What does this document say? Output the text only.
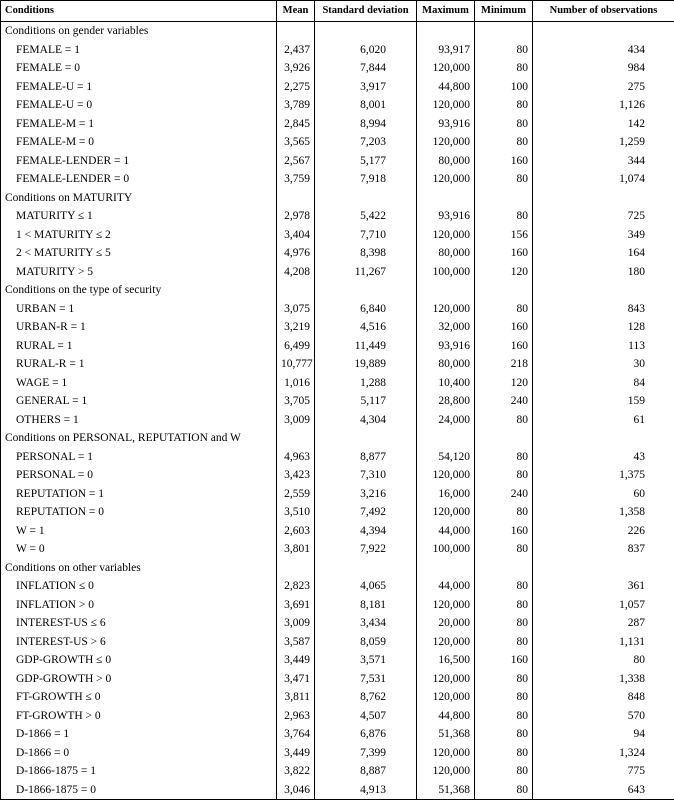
Conditions	Mean	Standard deviation	Maximum	Minimum	Number of observations
Conditions on gender variables					
FEMALE = 1	2,437	6,020	93,917	80	434
FEMALE = 0	3,926	7,844	120,000	80	984
FEMALE-U = 1	2,275	3,917	44,800	100	275
FEMALE-U = 0	3,789	8,001	120,000	80	1,126
FEMALE-M = 1	2,845	8,994	93,916	80	142
FEMALE-M = 0	3,565	7,203	120,000	80	1,259
FEMALE-LENDER = 1	2,567	5,177	80,000	160	344
FEMALE-LENDER = 0	3,759	7,918	120,000	80	1,074
Conditions on MATURITY					
MATURITY ≤ 1	2,978	5,422	93,916	80	725
1 < MATURITY ≤ 2	3,404	7,710	120,000	156	349
2 < MATURITY ≤ 5	4,976	8,398	80,000	160	164
MATURITY > 5	4,208	11,267	100,000	120	180
Conditions on the type of security					
URBAN = 1	3,075	6,840	120,000	80	843
URBAN-R = 1	3,219	4,516	32,000	160	128
RURAL = 1	6,499	11,449	93,916	160	113
RURAL-R = 1	10,777	19,889	80,000	218	30
WAGE = 1	1,016	1,288	10,400	120	84
GENERAL = 1	3,705	5,117	28,800	240	159
OTHERS = 1	3,009	4,304	24,000	80	61
Conditions on PERSONAL, REPUTATION and W					
PERSONAL = 1	4,963	8,877	54,120	80	43
PERSONAL = 0	3,423	7,310	120,000	80	1,375
REPUTATION = 1	2,559	3,216	16,000	240	60
REPUTATION = 0	3,510	7,492	120,000	80	1,358
W = 1	2,603	4,394	44,000	160	226
W = 0	3,801	7,922	100,000	80	837
Conditions on other variables					
INFLATION ≤ 0	2,823	4,065	44,000	80	361
INFLATION > 0	3,691	8,181	120,000	80	1,057
INTEREST-US ≤ 6	3,009	3,434	20,000	80	287
INTEREST-US > 6	3,587	8,059	120,000	80	1,131
GDP-GROWTH ≤ 0	3,449	3,571	16,500	160	80
GDP-GROWTH > 0	3,471	7,531	120,000	80	1,338
FT-GROWTH ≤ 0	3,811	8,762	120,000	80	848
FT-GROWTH > 0	2,963	4,507	44,800	80	570
D-1866 = 1	3,764	6,876	51,368	80	94
D-1866 = 0	3,449	7,399	120,000	80	1,324
D-1866-1875 = 1	3,822	8,887	120,000	80	775
D-1866-1875 = 0	3,046	4,913	51,368	80	643
